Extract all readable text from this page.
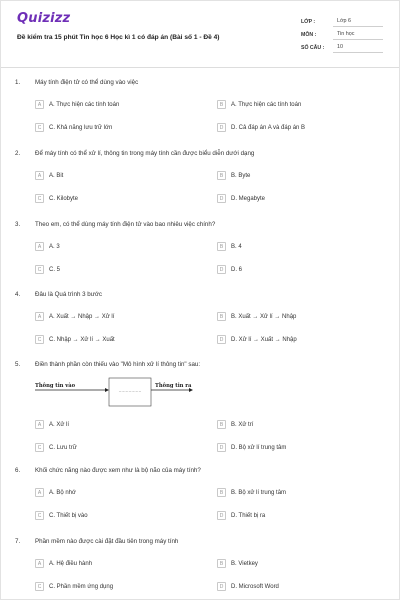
Quizizz
Đề kiểm tra 15 phút Tin học 6 Học kì 1 có đáp án (Bài số 1 - Đề 4)
LỚP :	Lớp 6
MÔN :	Tin học
SỐ CÂU :	10
1. Máy tính điện tử có thể dùng vào việc
A	A. Thực hiện các tính toán	B	A. Thực hiện các tính toán
C	C. Khả năng lưu trữ lớn	D	D. Cả đáp án A và đáp án B
2. Để máy tính có thể xử lí, thông tin trong máy tính cần được biểu diễn dưới dạng
A	A. Bit	B	B. Byte
C	C. Kilobyte	D	D. Megabyte
3. Theo em, có thể dùng máy tính điện tử vào bao nhiêu việc chính?
A	A. 3	B	B. 4
C	C. 5	D	D. 6
4. Đâu là Quá trình 3 bước
A	A. Xuất → Nhập → Xử lí	B	B. Xuất → Xử lí → Nhập
C	C. Nhập → Xử lí → Xuất	D	D. Xử lí → Xuất → Nhập
5. Điền thành phần còn thiếu vào "Mô hình xử lí thông tin" sau:
Thông tin vào
................
Thông tin ra
A	A. Xử lí	B	B. Xử trí
C	C. Lưu trữ	D	D. Bộ xử lí trung tâm
6. Khối chức năng nào được xem như là bộ não của máy tính?
A	A. Bộ nhớ	B	B. Bộ xử lí trung tâm
C	C. Thiết bị vào	D	D. Thiết bị ra
7. Phần mềm nào được cài đặt đầu tiên trong máy tính
A	A. Hệ điều hành	B	B. Vietkey
C	C. Phần mềm ứng dụng	D	D. Microsoft Word
